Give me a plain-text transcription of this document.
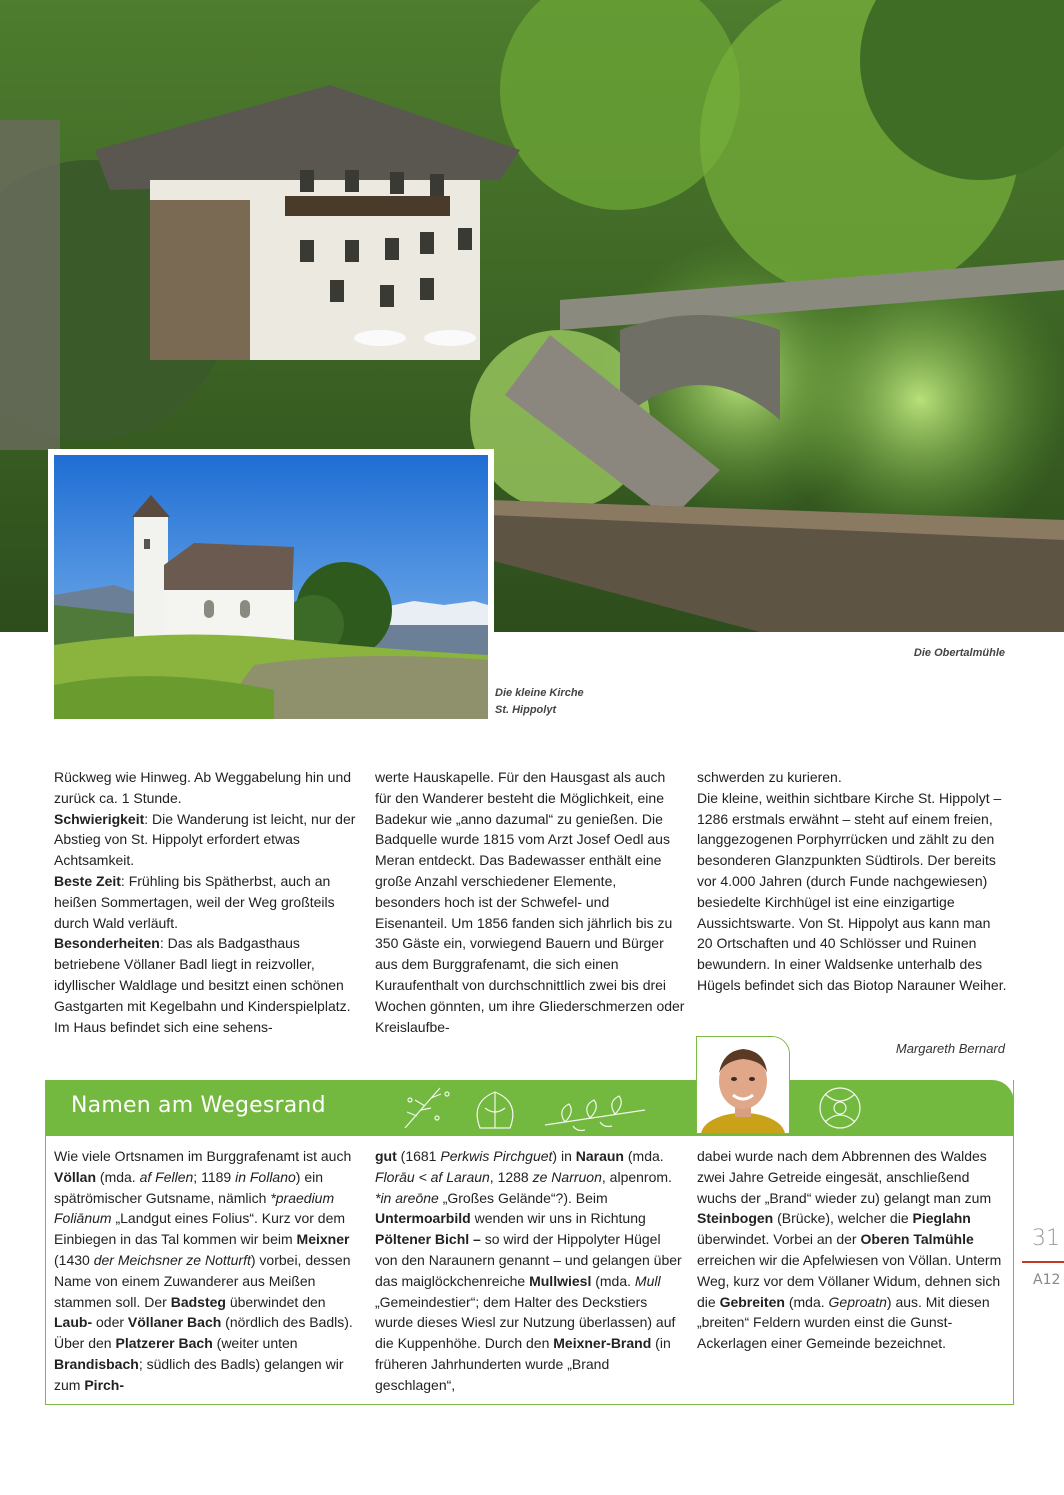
Die Obertalmühle
Die kleine Kirche
St. Hippolyt

Rückweg wie Hinweg. Ab Weggabelung hin und zurück ca. 1 Stunde.

Schwierigkeit: Die Wanderung ist leicht, nur der Abstieg von St. Hippolyt erfordert etwas Achtsamkeit.

Beste Zeit: Frühling bis Spätherbst, auch an heißen Sommertagen, weil der Weg großteils durch Wald verläuft.

Besonderheiten: Das als Badgasthaus betriebene Völlaner Badl liegt in reizvoller, idyllischer Waldlage und besitzt einen schönen Gastgarten mit Kegelbahn und Kinderspielplatz. Im Haus befindet sich eine sehens-

werte Hauskapelle. Für den Hausgast als auch für den Wanderer besteht die Möglichkeit, eine Badekur wie „anno dazumal“ zu genießen. Die Badquelle wurde 1815 vom Arzt Josef Oedl aus Meran entdeckt. Das Badewasser enthält eine große Anzahl verschiedener Elemente, besonders hoch ist der Schwefel- und Eisenanteil. Um 1856 fanden sich jährlich bis zu 350 Gäste ein, vorwiegend Bauern und Bürger aus dem Burggrafenamt, die sich einen Kuraufenthalt von durchschnittlich zwei bis drei Wochen gönnten, um ihre Gliederschmerzen oder Kreislaufbe-

schwerden zu kurieren.

Die kleine, weithin sichtbare Kirche St. Hippolyt – 1286 erstmals erwähnt – steht auf einem freien, langgezogenen Porphyrrücken und zählt zu den besonderen Glanzpunkten Südtirols. Der bereits vor 4.000 Jahren (durch Funde nachgewiesen) besiedelte Kirchhügel ist eine einzigartige Aussichtswarte. Von St. Hippolyt aus kann man 20 Ortschaften und 40 Schlösser und Ruinen bewundern. In einer Waldsenke unterhalb des Hügels befindet sich das Biotop Narauner Weiher.

Margareth Bernard
Namen am Wegesrand

Wie viele Ortsnamen im Burggrafenamt ist auch Völlan (mda. af Fellen; 1189 in Follano) ein spätrömischer Gutsname, nämlich *praedium Foliānum „Landgut eines Folius“. Kurz vor dem Einbiegen in das Tal kommen wir beim Meixner (1430 der Meichsner ze Notturft) vorbei, dessen Name von einem Zuwanderer aus Meißen stammen soll. Der Badsteg überwindet den Laub- oder Völlaner Bach (nördlich des Badls). Über den Platzerer Bach (weiter unten Brandisbach; südlich des Badls) gelangen wir zum Pirch-

gut (1681 Perkwis Pirchguet) in Naraun (mda. Florāu < af Laraun, 1288 ze Narruon, alpenrom. *in areōne „Großes Gelände“?). Beim Untermoarbild wenden wir uns in Richtung Pöltener Bichl – so wird der Hippolyter Hügel von den Naraunern genannt – und gelangen über das maiglöckchenreiche Mullwiesl (mda. Mull „Gemeindestier“; dem Halter des Deckstiers wurde dieses Wiesl zur Nutzung überlassen) auf die Kuppenhöhe. Durch den Meixner-Brand (in früheren Jahrhunderten wurde „Brand geschlagen“,

dabei wurde nach dem Abbrennen des Waldes zwei Jahre Getreide eingesät, anschließend wuchs der „Brand“ wieder zu) gelangt man zum Steinbogen (Brücke), welcher die Pieglahn überwindet. Vorbei an der Oberen Talmühle erreichen wir die Apfelwiesen von Völlan. Unterm Weg, kurz vor dem Völlaner Widum, dehnen sich die Gebreiten (mda. Geproatn) aus. Mit diesen „breiten“ Feldern wurden einst die Gunst-Ackerlagen einer Gemeinde bezeichnet.

31
A12
